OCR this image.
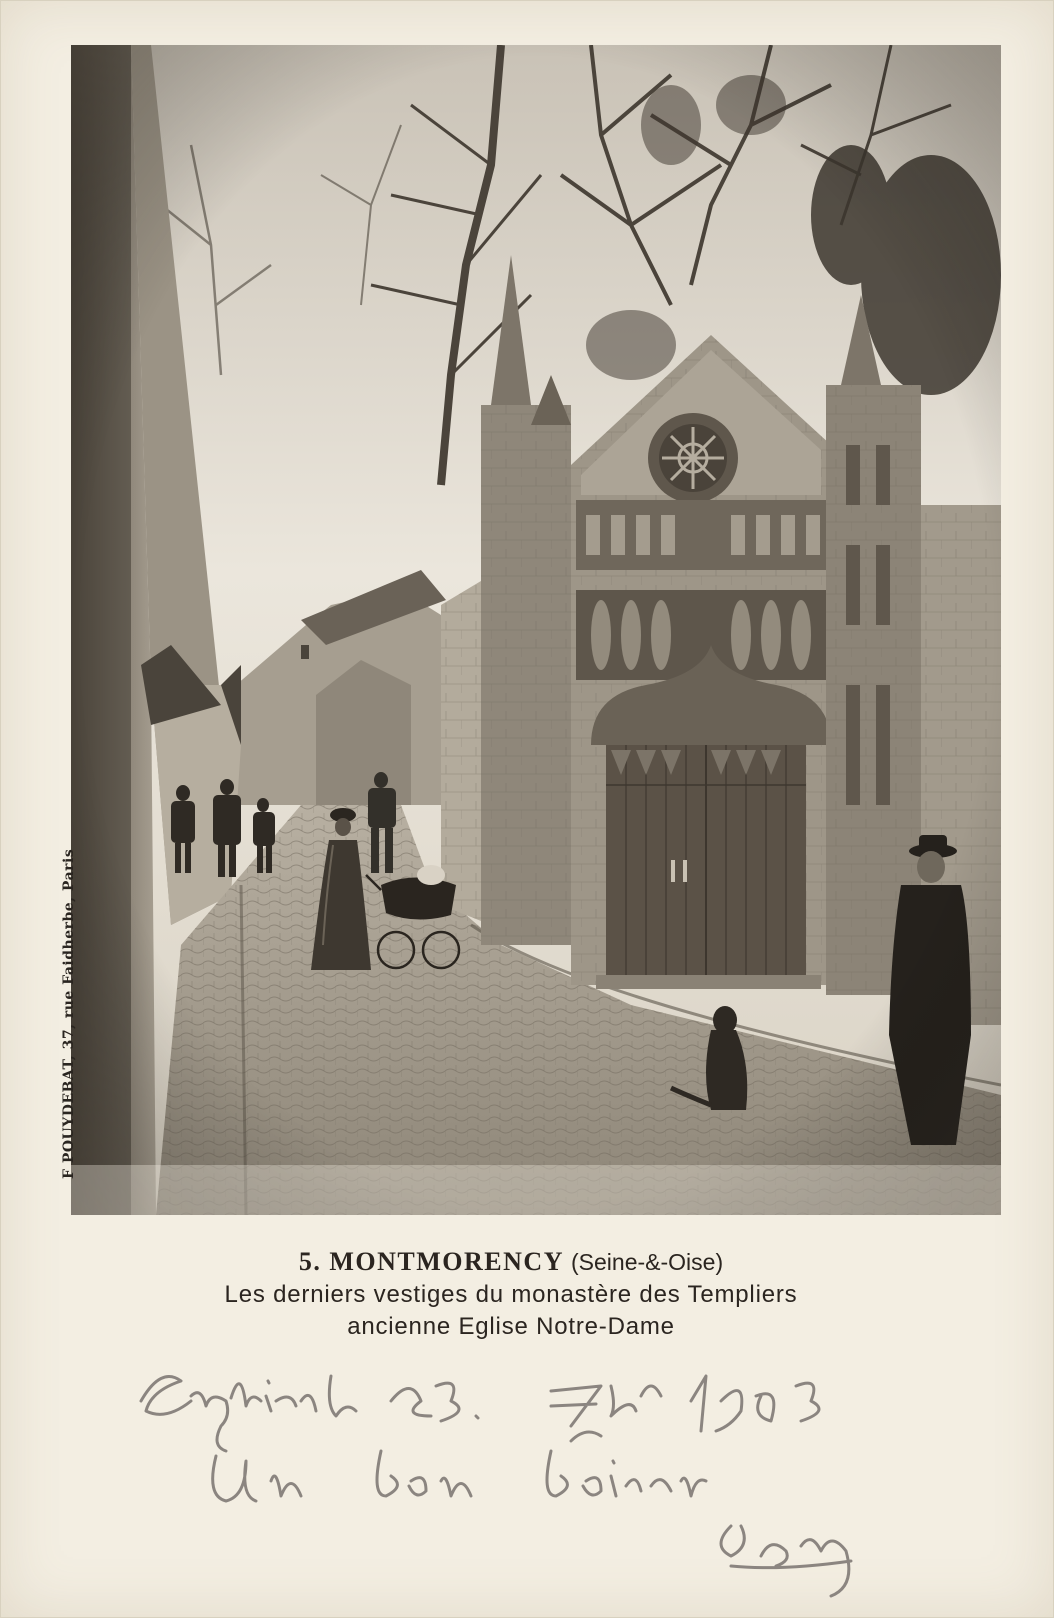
F POUYDEBAT, 37, rue Faidherbe, Paris
5. MONTMORENCY (Seine-&-Oise)
Les derniers vestiges du monastère des Templiers
ancienne Eglise Notre-Dame
